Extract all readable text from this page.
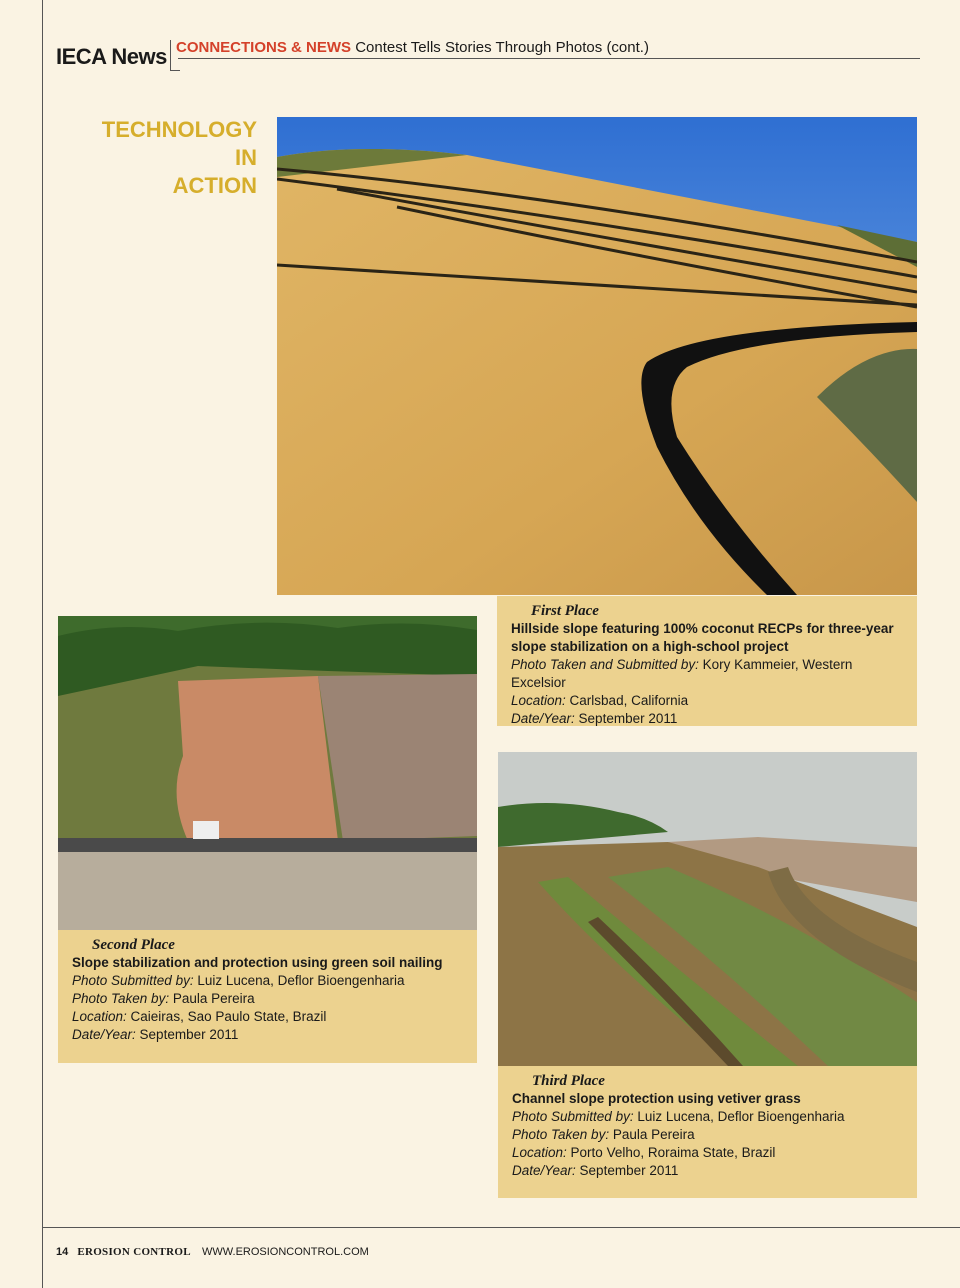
IECA News CONNECTIONS & NEWS Contest Tells Stories Through Photos (cont.)
TECHNOLOGY
IN
ACTION
First Place
Hillside slope featuring 100% coconut RECPs for three-year slope stabilization on a high-school project
Photo Taken and Submitted by: Kory Kammeier, Western Excelsior
Location: Carlsbad, California
Date/Year: September 2011
Second Place
Slope stabilization and protection using green soil nailing
Photo Submitted by: Luiz Lucena, Deflor Bioengenharia
Photo Taken by: Paula Pereira
Location: Caieiras, Sao Paulo State, Brazil
Date/Year: September 2011
Third Place
Channel slope protection using vetiver grass
Photo Submitted by: Luiz Lucena, Deflor Bioengenharia
Photo Taken by: Paula Pereira
Location: Porto Velho, Roraima State, Brazil
Date/Year: September 2011
14 EROSION CONTROL WWW.EROSIONCONTROL.COM
